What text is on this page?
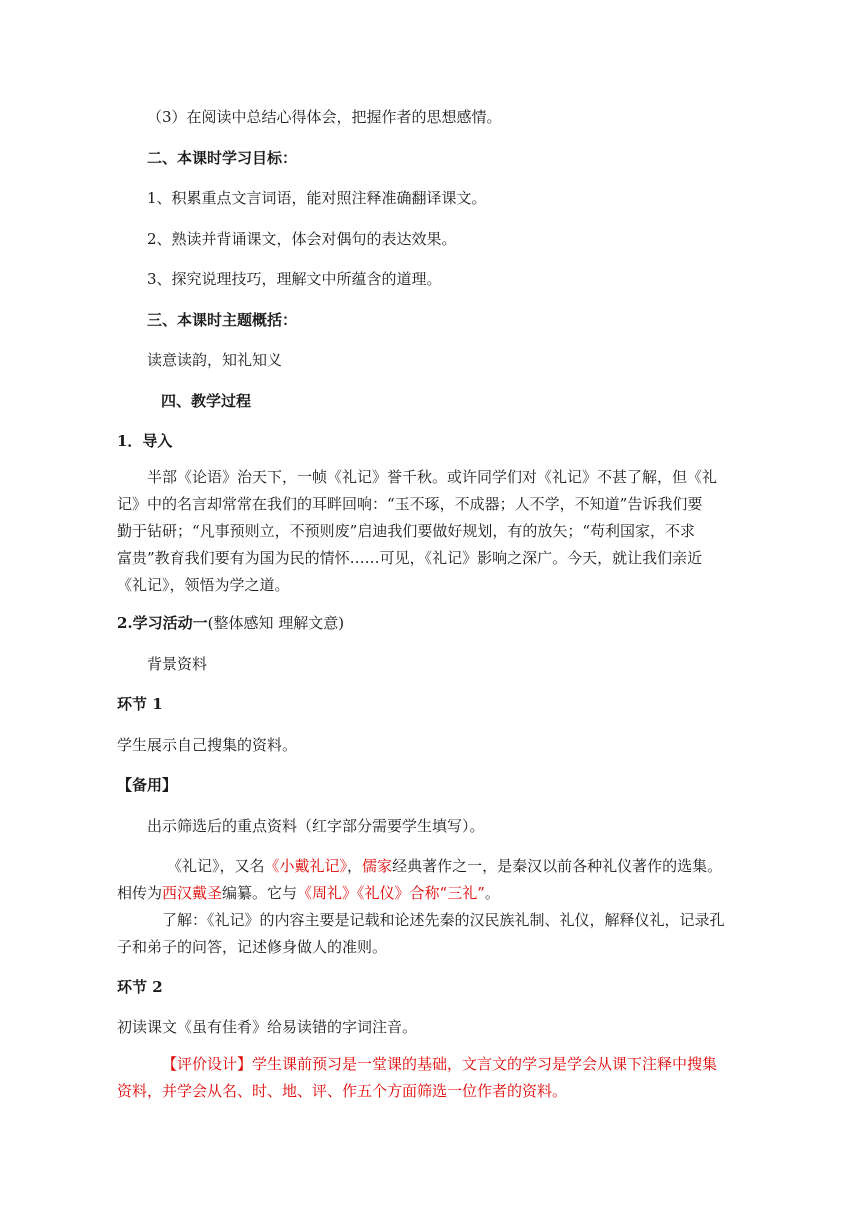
（3）在阅读中总结心得体会，把握作者的思想感情。
二、本课时学习目标：
1、积累重点文言词语，能对照注释准确翻译课文。
2、熟读并背诵课文，体会对偶句的表达效果。
3、探究说理技巧，理解文中所蕴含的道理。
三、本课时主题概括：
读意读韵，知礼知义
四、教学过程
1．导入

半部《论语》治天下，一帧《礼记》誉千秋。或许同学们对《礼记》不甚了解，但《礼

记》中的名言却常常在我们的耳畔回响：“玉不琢，不成器；人不学，不知道”告诉我们要

勤于钻研；“凡事预则立，不预则废”启迪我们要做好规划，有的放矢；“苟利国家，不求

富贵”教育我们要有为国为民的情怀……可见，《礼记》影响之深广。今天，就让我们亲近

《礼记》，领悟为学之道。

2.学习活动一(整体感知 理解文意)
背景资料
环节 1
学生展示自己搜集的资料。
【备用】
出示筛选后的重点资料（红字部分需要学生填写）。

《礼记》，又名《小戴礼记》，儒家经典著作之一，是秦汉以前各种礼仪著作的选集。

相传为西汉戴圣编纂。它与《周礼》《礼仪》合称“三礼”。

了解：《礼记》的内容主要是记载和论述先秦的汉民族礼制、礼仪，解释仪礼，记录孔

子和弟子的问答，记述修身做人的准则。

环节 2
初读课文《虽有佳肴》给易读错的字词注音。

【评价设计】学生课前预习是一堂课的基础，文言文的学习是学会从课下注释中搜集

资料，并学会从名、时、地、评、作五个方面筛选一位作者的资料。
